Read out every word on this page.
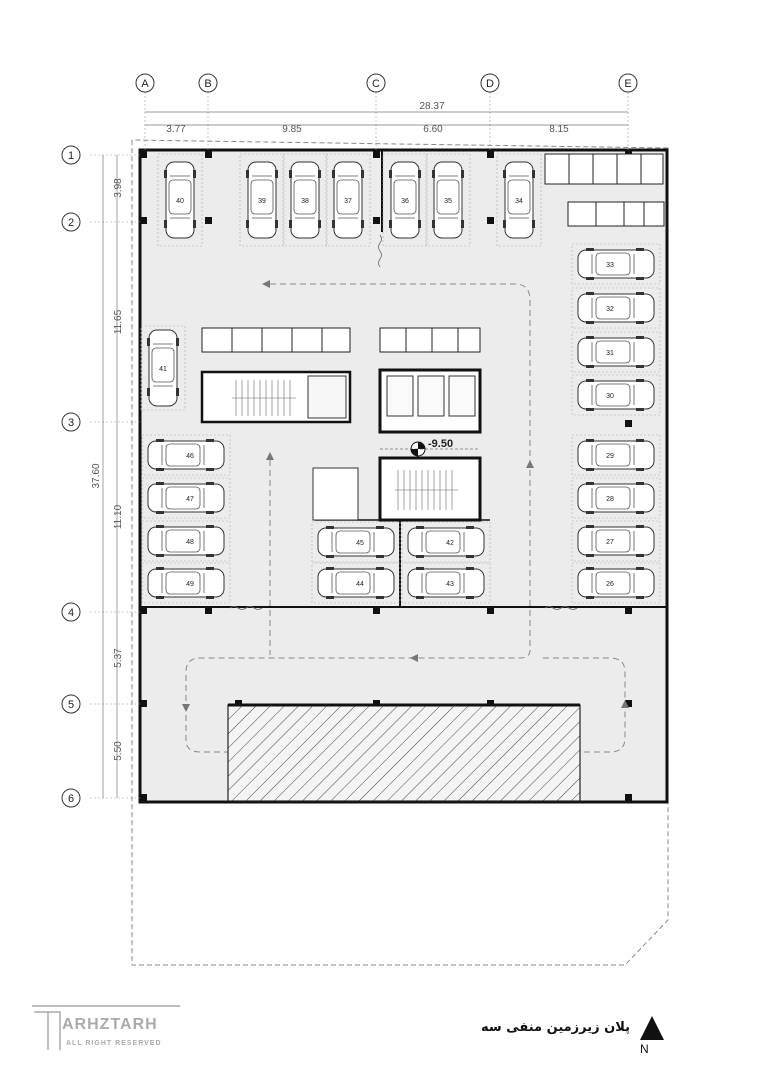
A	B	C	D	E
1
2
3
4
5
6
28.37
3.77	9.85	6.60	8.15
37.60
3.98
11.65
11.10
5.37
5.50
-9.50
40	39	38	37	36	35	34
41
33
32
31
30
29
28
27
26
46
47
48
49
45
44
42
43
ARHZTARH
ALL RIGHT RESERVED
پلان زیرزمین منفی سه
N
